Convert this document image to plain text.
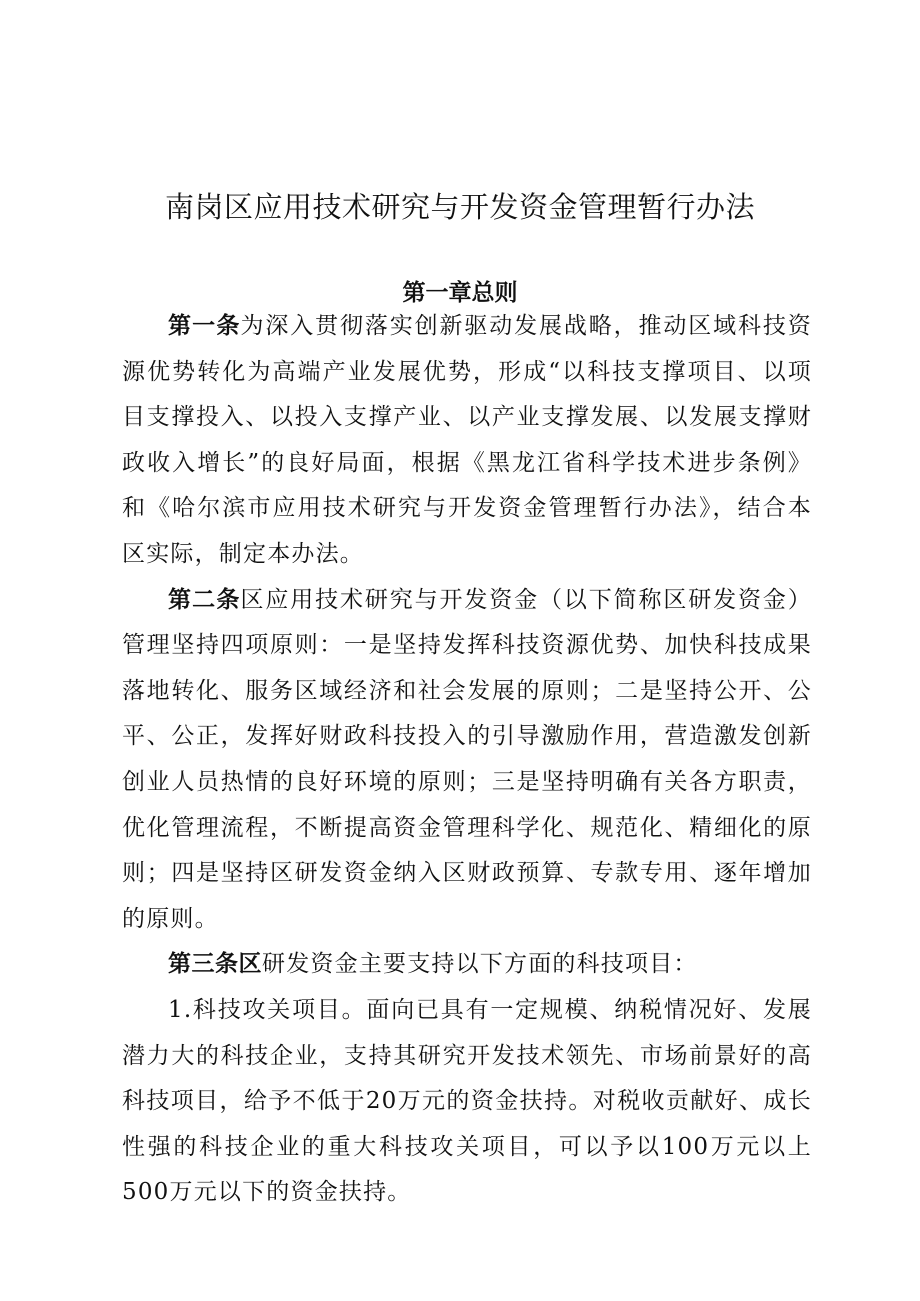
南岗区应用技术研究与开发资金管理暂行办法
第一章总则

第一条为深入贯彻落实创新驱动发展战略，推动区域科技资源优势转化为高端产业发展优势，形成“以科技支撑项目、以项目支撑投入、以投入支撑产业、以产业支撑发展、以发展支撑财政收入增长”的良好局面，根据《黑龙江省科学技术进步条例》和《哈尔滨市应用技术研究与开发资金管理暂行办法》，结合本区实际，制定本办法。

第二条区应用技术研究与开发资金（以下简称区研发资金）管理坚持四项原则：一是坚持发挥科技资源优势、加快科技成果落地转化、服务区域经济和社会发展的原则；二是坚持公开、公平、公正，发挥好财政科技投入的引导激励作用，营造激发创新创业人员热情的良好环境的原则；三是坚持明确有关各方职责，优化管理流程，不断提高资金管理科学化、规范化、精细化的原则；四是坚持区研发资金纳入区财政预算、专款专用、逐年增加的原则。

第三条区研发资金主要支持以下方面的科技项目：

1.科技攻关项目。面向已具有一定规模、纳税情况好、发展潜力大的科技企业，支持其研究开发技术领先、市场前景好的高科技项目，给予不低于20万元的资金扶持。对税收贡献好、成长性强的科技企业的重大科技攻关项目，可以予以100万元以上500万元以下的资金扶持。
